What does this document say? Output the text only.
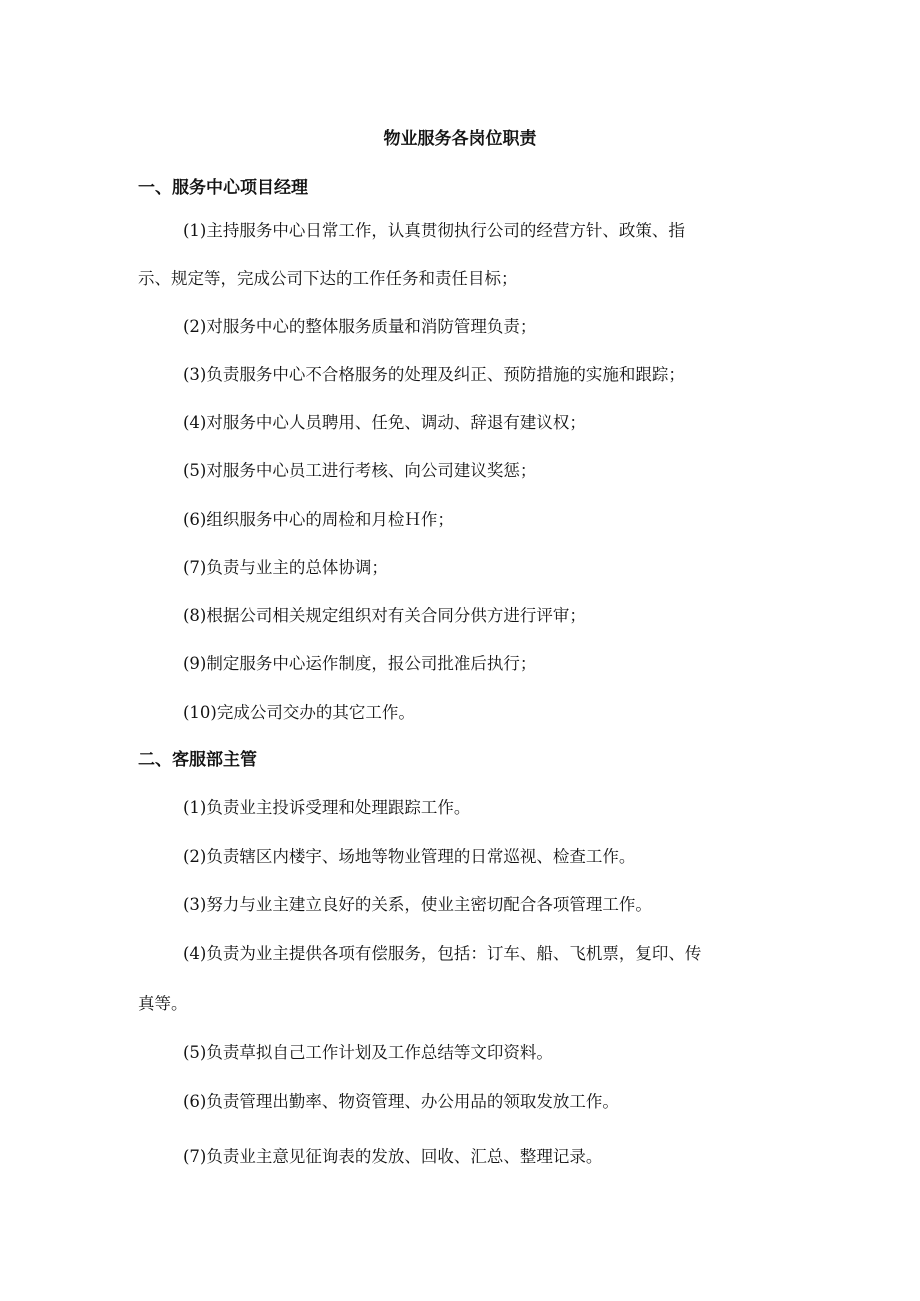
物业服务各岗位职责
一、服务中心项目经理
(1)主持服务中心日常工作，认真贯彻执行公司的经营方针、政策、指
示、规定等，完成公司下达的工作任务和责任目标；
(2)对服务中心的整体服务质量和消防管理负责；
(3)负责服务中心不合格服务的处理及纠正、预防措施的实施和跟踪；
(4)对服务中心人员聘用、任免、调动、辞退有建议权；
(5)对服务中心员工进行考核、向公司建议奖惩；
(6)组织服务中心的周检和月检Ｈ作；
(7)负责与业主的总体协调；
(8)根据公司相关规定组织对有关合同分供方进行评审；
(9)制定服务中心运作制度，报公司批准后执行；
(10)完成公司交办的其它工作。
二、客服部主管
(1)负责业主投诉受理和处理跟踪工作。
(2)负责辖区内楼宇、场地等物业管理的日常巡视、检查工作。
(3)努力与业主建立良好的关系，使业主密切配合各项管理工作。
(4)负责为业主提供各项有偿服务，包括：订车、船、飞机票，复印、传
真等。
(5)负责草拟自己工作计划及工作总结等文印资料。
(6)负责管理出勤率、物资管理、办公用品的领取发放工作。
(7)负责业主意见征询表的发放、回收、汇总、整理记录。
